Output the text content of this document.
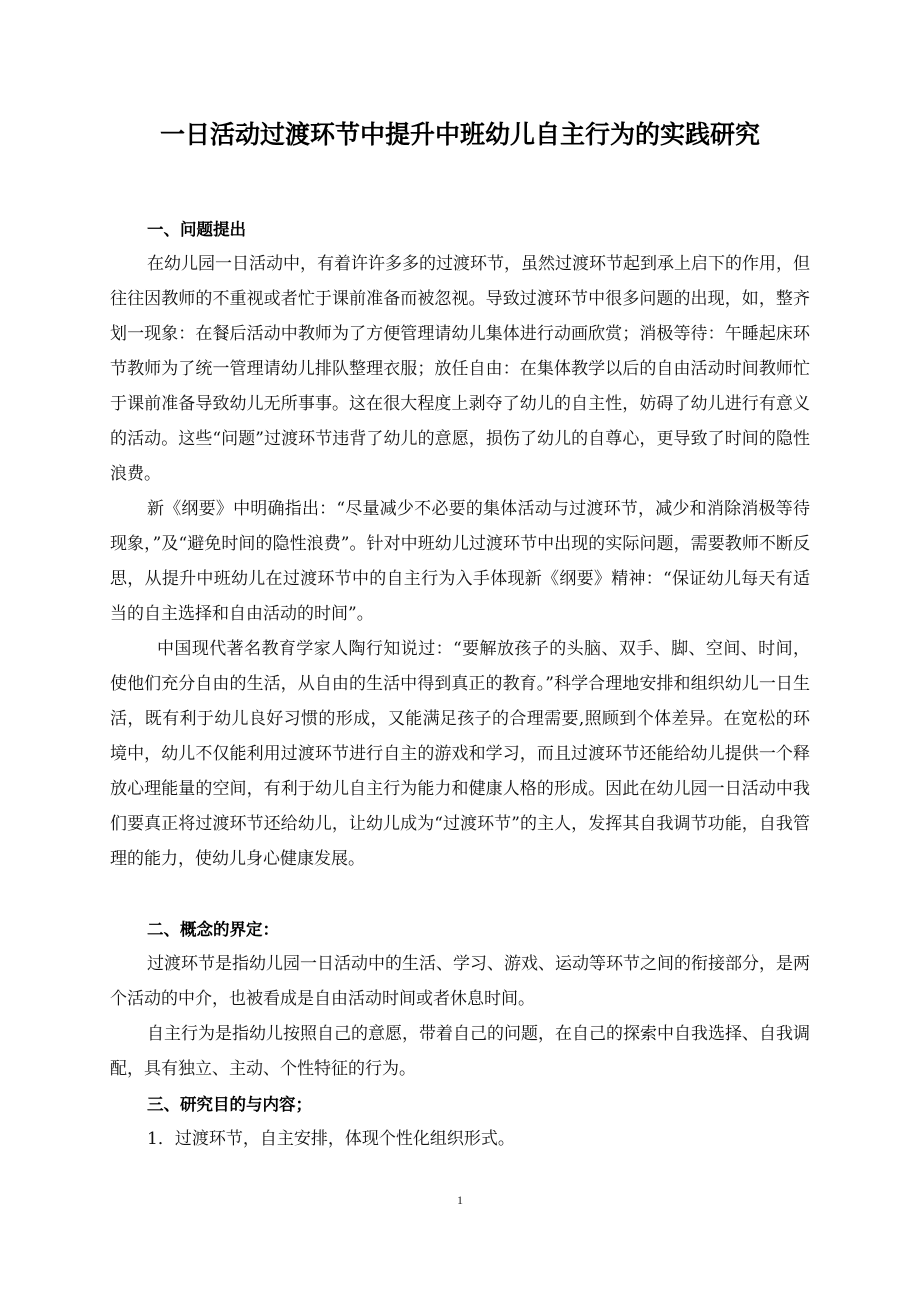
一日活动过渡环节中提升中班幼儿自主行为的实践研究

一、问题提出

在幼儿园一日活动中，有着许许多多的过渡环节，虽然过渡环节起到承上启下的作用，但往往因教师的不重视或者忙于课前准备而被忽视。导致过渡环节中很多问题的出现，如，整齐划一现象：在餐后活动中教师为了方便管理请幼儿集体进行动画欣赏；消极等待：午睡起床环节教师为了统一管理请幼儿排队整理衣服；放任自由：在集体教学以后的自由活动时间教师忙于课前准备导致幼儿无所事事。这在很大程度上剥夺了幼儿的自主性，妨碍了幼儿进行有意义的活动。这些“问题”过渡环节违背了幼儿的意愿，损伤了幼儿的自尊心，更导致了时间的隐性浪费。

新《纲要》中明确指出：“尽量减少不必要的集体活动与过渡环节，减少和消除消极等待现象，”及“避免时间的隐性浪费”。针对中班幼儿过渡环节中出现的实际问题，需要教师不断反思，从提升中班幼儿在过渡环节中的自主行为入手体现新《纲要》精神：“保证幼儿每天有适当的自主选择和自由活动的时间”。

中国现代著名教育学家人陶行知说过：“要解放孩子的头脑、双手、脚、空间、时间，使他们充分自由的生活，从自由的生活中得到真正的教育。”科学合理地安排和组织幼儿一日生活，既有利于幼儿良好习惯的形成，又能满足孩子的合理需要,照顾到个体差异。在宽松的环境中，幼儿不仅能利用过渡环节进行自主的游戏和学习，而且过渡环节还能给幼儿提供一个释放心理能量的空间，有利于幼儿自主行为能力和健康人格的形成。因此在幼儿园一日活动中我们要真正将过渡环节还给幼儿，让幼儿成为“过渡环节”的主人，发挥其自我调节功能，自我管理的能力，使幼儿身心健康发展。

二、概念的界定：

过渡环节是指幼儿园一日活动中的生活、学习、游戏、运动等环节之间的衔接部分，是两个活动的中介，也被看成是自由活动时间或者休息时间。

自主行为是指幼儿按照自己的意愿，带着自己的问题，在自己的探索中自我选择、自我调配，具有独立、主动、个性特征的行为。

三、研究目的与内容；

1．过渡环节，自主安排，体现个性化组织形式。

1
